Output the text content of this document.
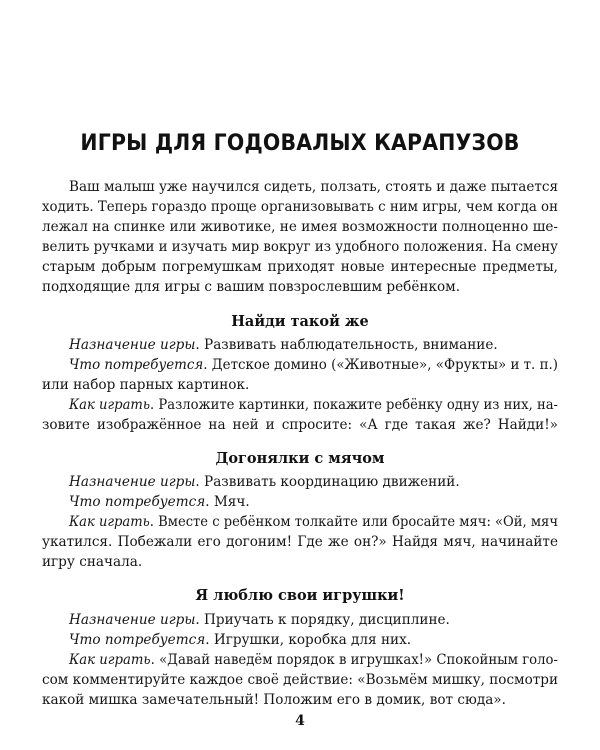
ИГРЫ ДЛЯ ГОДОВАЛЫХ КАРАПУЗОВ
Ваш малыш уже научился сидеть, ползать, стоять и даже пытается
ходить. Теперь гораздо проще организовывать с ним игры, чем когда он
лежал на спинке или животике, не имея возможности полноценно ше-
велить ручками и изучать мир вокруг из удобного положения. На смену
старым добрым погремушкам приходят новые интересные предметы,
подходящие для игры с вашим повзрослевшим ребёнком.
Найди такой же
Назначение игры. Развивать наблюдательность, внимание.
Что потребуется. Детское домино («Животные», «Фрукты» и т. п.)
или набор парных картинок.
Как играть. Разложите картинки, покажите ребёнку одну из них, на-
зовите изображённое на ней и спросите: «А где такая же? Найди!»
Догонялки с мячом
Назначение игры. Развивать координацию движений.
Что потребуется. Мяч.
Как играть. Вместе с ребёнком толкайте или бросайте мяч: «Ой, мяч
укатился. Побежали его догоним! Где же он?» Найдя мяч, начинайте
игру сначала.
Я люблю свои игрушки!
Назначение игры. Приучать к порядку, дисциплине.
Что потребуется. Игрушки, коробка для них.
Как играть. «Давай наведём порядок в игрушках!» Спокойным голо-
сом комментируйте каждое своё действие: «Возьмём мишку, посмотри
какой мишка замечательный! Положим его в домик, вот сюда».
4
